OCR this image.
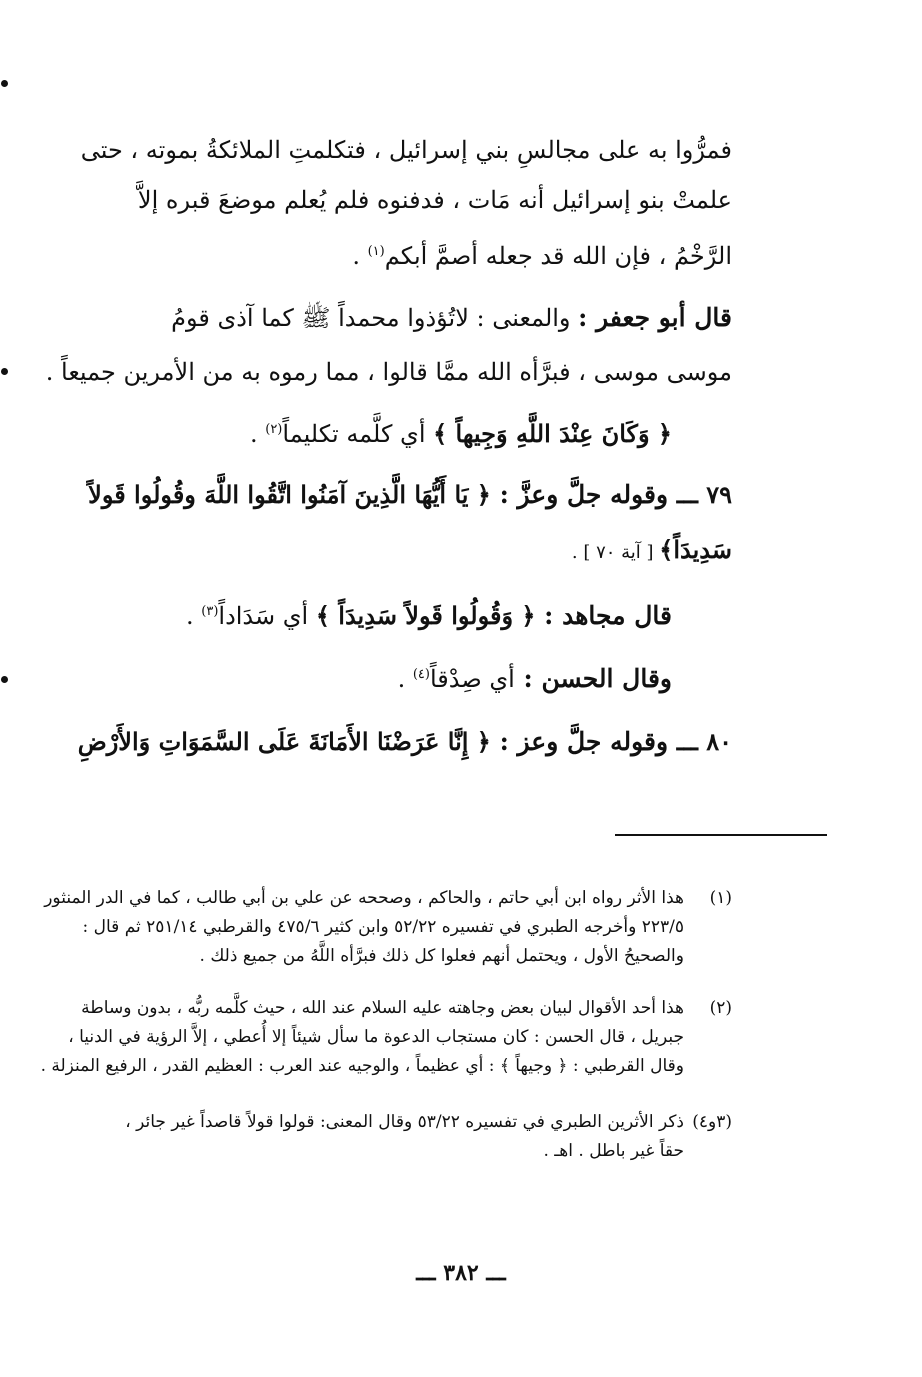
فمرُّوا به على مجالسِ بني إسرائيل ، فتكلمتِ الملائكةُ بموته ، حتى
علمتْ بنو إسرائيل أنه مَات ، فدفنوه فلم يُعلم موضعَ قبره إلاَّ
الرَّخْمُ ، فإن الله قد جعله أصمَّ أبكم$^{(١)}$ .
قال أبو جعفر : والمعنى : لاتُؤذوا محمداً ﷺ كما آذى قومُ
موسى موسى ، فبرَّأه الله ممَّا قالوا ، مما رموه به من الأمرين جميعاً .
﴿ وَكَانَ عِنْدَ اللَّهِ وَجِيهاً ﴾ أي كلَّمه تكليماً$^{(٢)}$ .
٧٩ ـــ وقوله جلَّ وعزَّ : ﴿ يَا أَيُّهَا الَّذِينَ آمَنُوا اتَّقُوا اللَّهَ وقُولُوا قَولاً
سَدِيدَاً﴾ [ آية ٧٠ ] .
قال مجاهد : ﴿ وَقُولُوا قَولاً سَدِيدَاً ﴾ أي سَدَاداً$^{(٣)}$ .
وقال الحسن : أي صِدْقاً$^{(٤)}$ .
٨٠ ـــ وقوله جلَّ وعز : ﴿ إِنَّا عَرَضْنَا الأَمَانَةَ عَلَى السَّمَوَاتِ وَالأَرْضِ
(١)هذا الأثر رواه ابن أبي حاتم ، والحاكم ، وصححه عن علي بن أبي طالب ، كما في الدر المنثور
٢٢٣/٥ وأخرجه الطبري في تفسيره ٥٢/٢٢ وابن كثير ٤٧٥/٦ والقرطبي ٢٥١/١٤ ثم قال :
والصحيحُ الأول ، ويحتمل أنهم فعلوا كل ذلك فبرَّأه اللَّهُ من جميع ذلك .
(٢)هذا أحد الأقوال لبيان بعض وجاهته عليه السلام عند الله ، حيث كلَّمه ربُّه ، بدون وساطة
جبريل ، قال الحسن : كان مستجاب الدعوة ما سأل شيئاً إلا أُعطي ، إلاَّ الرؤية في الدنيا ،
وقال القرطبي : ﴿ وجيهاً ﴾ : أي عظيماً ، والوجيه عند العرب : العظيم القدر ، الرفيع المنزلة .
(٣و٤)ذكر الأثرين الطبري في تفسيره ٥٣/٢٢ وقال المعنى: قولوا قولاً قاصداً غير جائر ،
حقاً غير باطل . اهـ .
ـــ ٣٨٢ ـــ
